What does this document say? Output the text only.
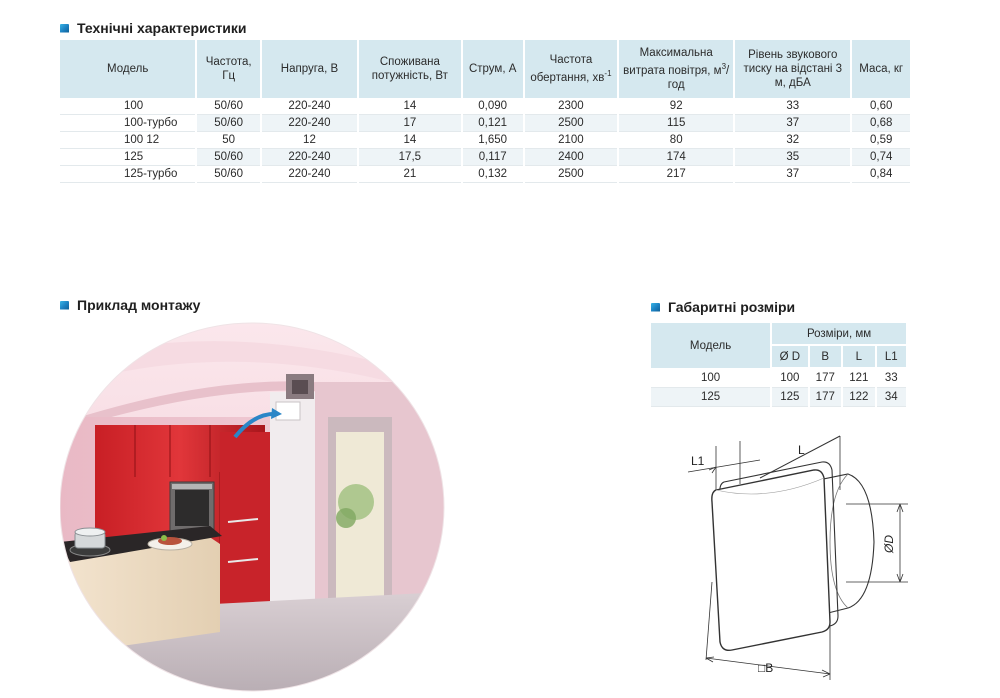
Технічні характеристики
Приклад монтажу	Габаритні розміри
Модель	Частота, Гц	Напруга, В	Споживана потужність, Вт	Струм, А	Частота обертання, $хв^{-1}$	Максимальна витрата повітря, $м^3$/год	Рівень звукового тиску на відстані 3 м, дБА	Маса, кг
100	50/60	220-240	14	0,090	2300	92	33	0,60
100-турбо	50/60	220-240	17	0,121	2500	115	37	0,68
100 12	50	12	14	1,650	2100	80	32	0,59
125	50/60	220-240	17,5	0,117	2400	174	35	0,74
125-турбо	50/60	220-240	21	0,132	2500	217	37	0,84
Модель	Розміри, мм			
	Ø D	B	L	L1
100	100	177	121	33
125	125	177	122	34
L1
L
ØD
□B
